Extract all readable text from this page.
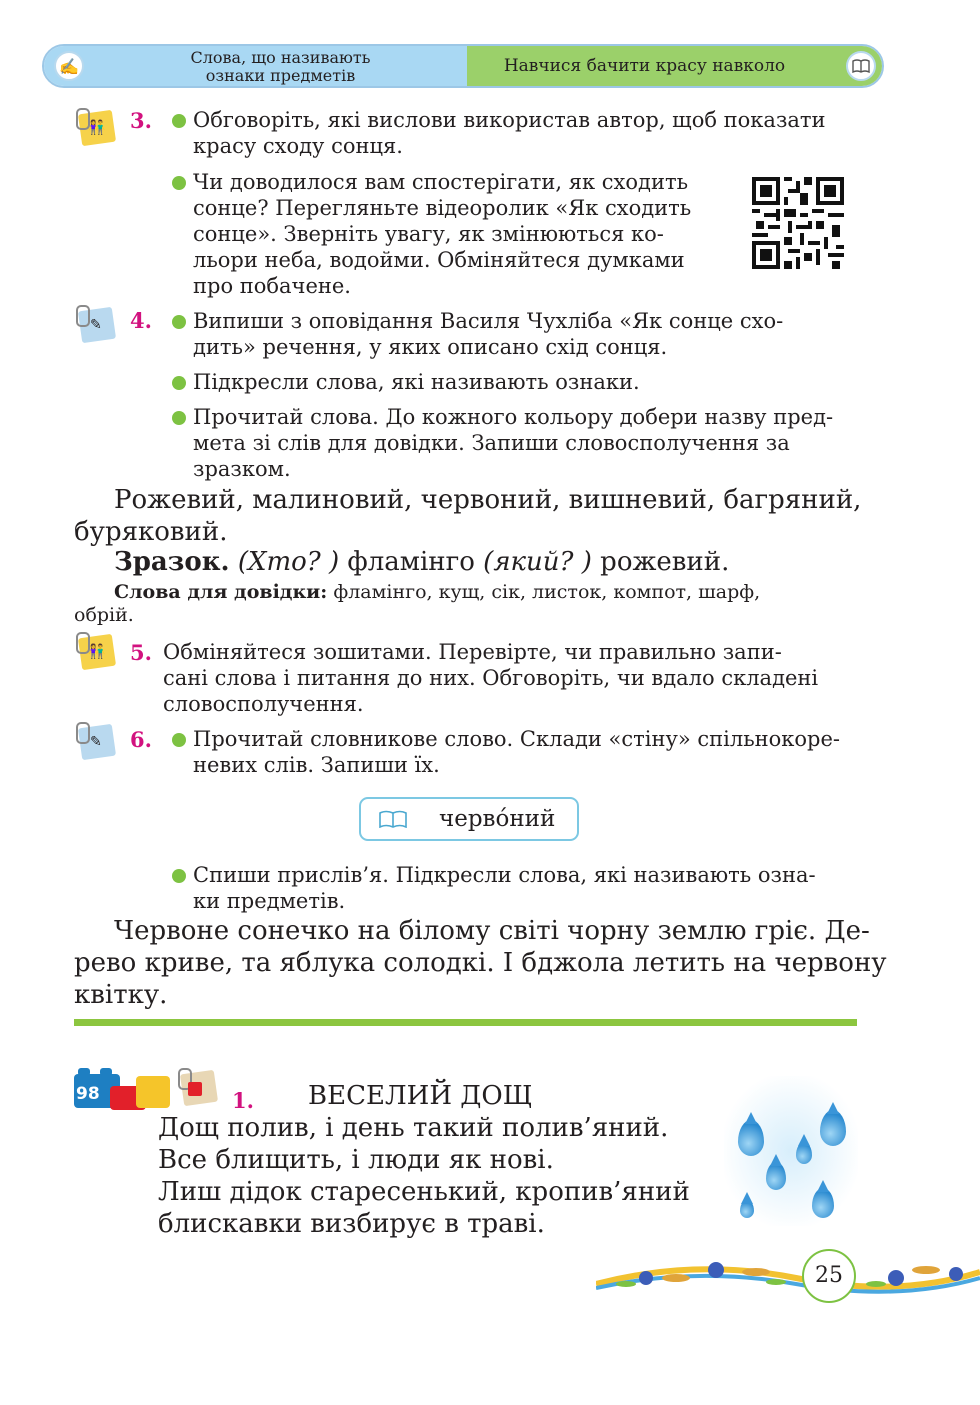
✍	Слова, що називають
ознаки предметів	Навчися бачити красу навколо
👫 3. Обговоріть, які вислови використав автор, щоб показати
красу сходу сонця.
Чи доводилося вам спостерігати, як сходить
сонце? Перегляньте відеоролик «Як сходить
сонце». Зверніть увагу, як змінюються ко-
льори неба, водойми. Обміняйтеся думками
про побачене.
✎ 4. Випиши з оповідання Василя Чухліба «Як сонце схо-
дить» речення, у яких описано схід сонця.
Підкресли слова, які називають ознаки.
Прочитай слова. До кожного кольору добери назву пред-
мета зі слів для довідки. Запиши словосполучення за
зразком.
Рожевий, малиновий, червоний, вишневий, багряний,
буряковий.
Зразок. (Хто? ) фламінго (який? ) рожевий.
Слова для довідки: фламінго, кущ, сік, листок, компот, шарф,
обрій.
👫 5. Обміняйтеся зошитами. Перевірте, чи правильно запи-
сані слова і питання до них. Обговоріть, чи вдало складені
словосполучення.
✎ 6. Прочитай словникове слово. Склади «стіну» спільнокоре-
невих слів. Запиши їх.
черво́ний
Спиши прислів’я. Підкресли слова, які називають озна-
ки предметів.
Червоне сонечко на білому світі чорну землю гріє. Де-
рево криве, та яблука солодкі. І бджола летить на червону
квітку.
98	1. ВЕСЕЛИЙ ДОЩ
Дощ полив, і день такий полив’яний.
Все блищить, і люди як нові.
Лиш дідок старесенький, кропив’яний
блискавки визбирує в траві.
25
